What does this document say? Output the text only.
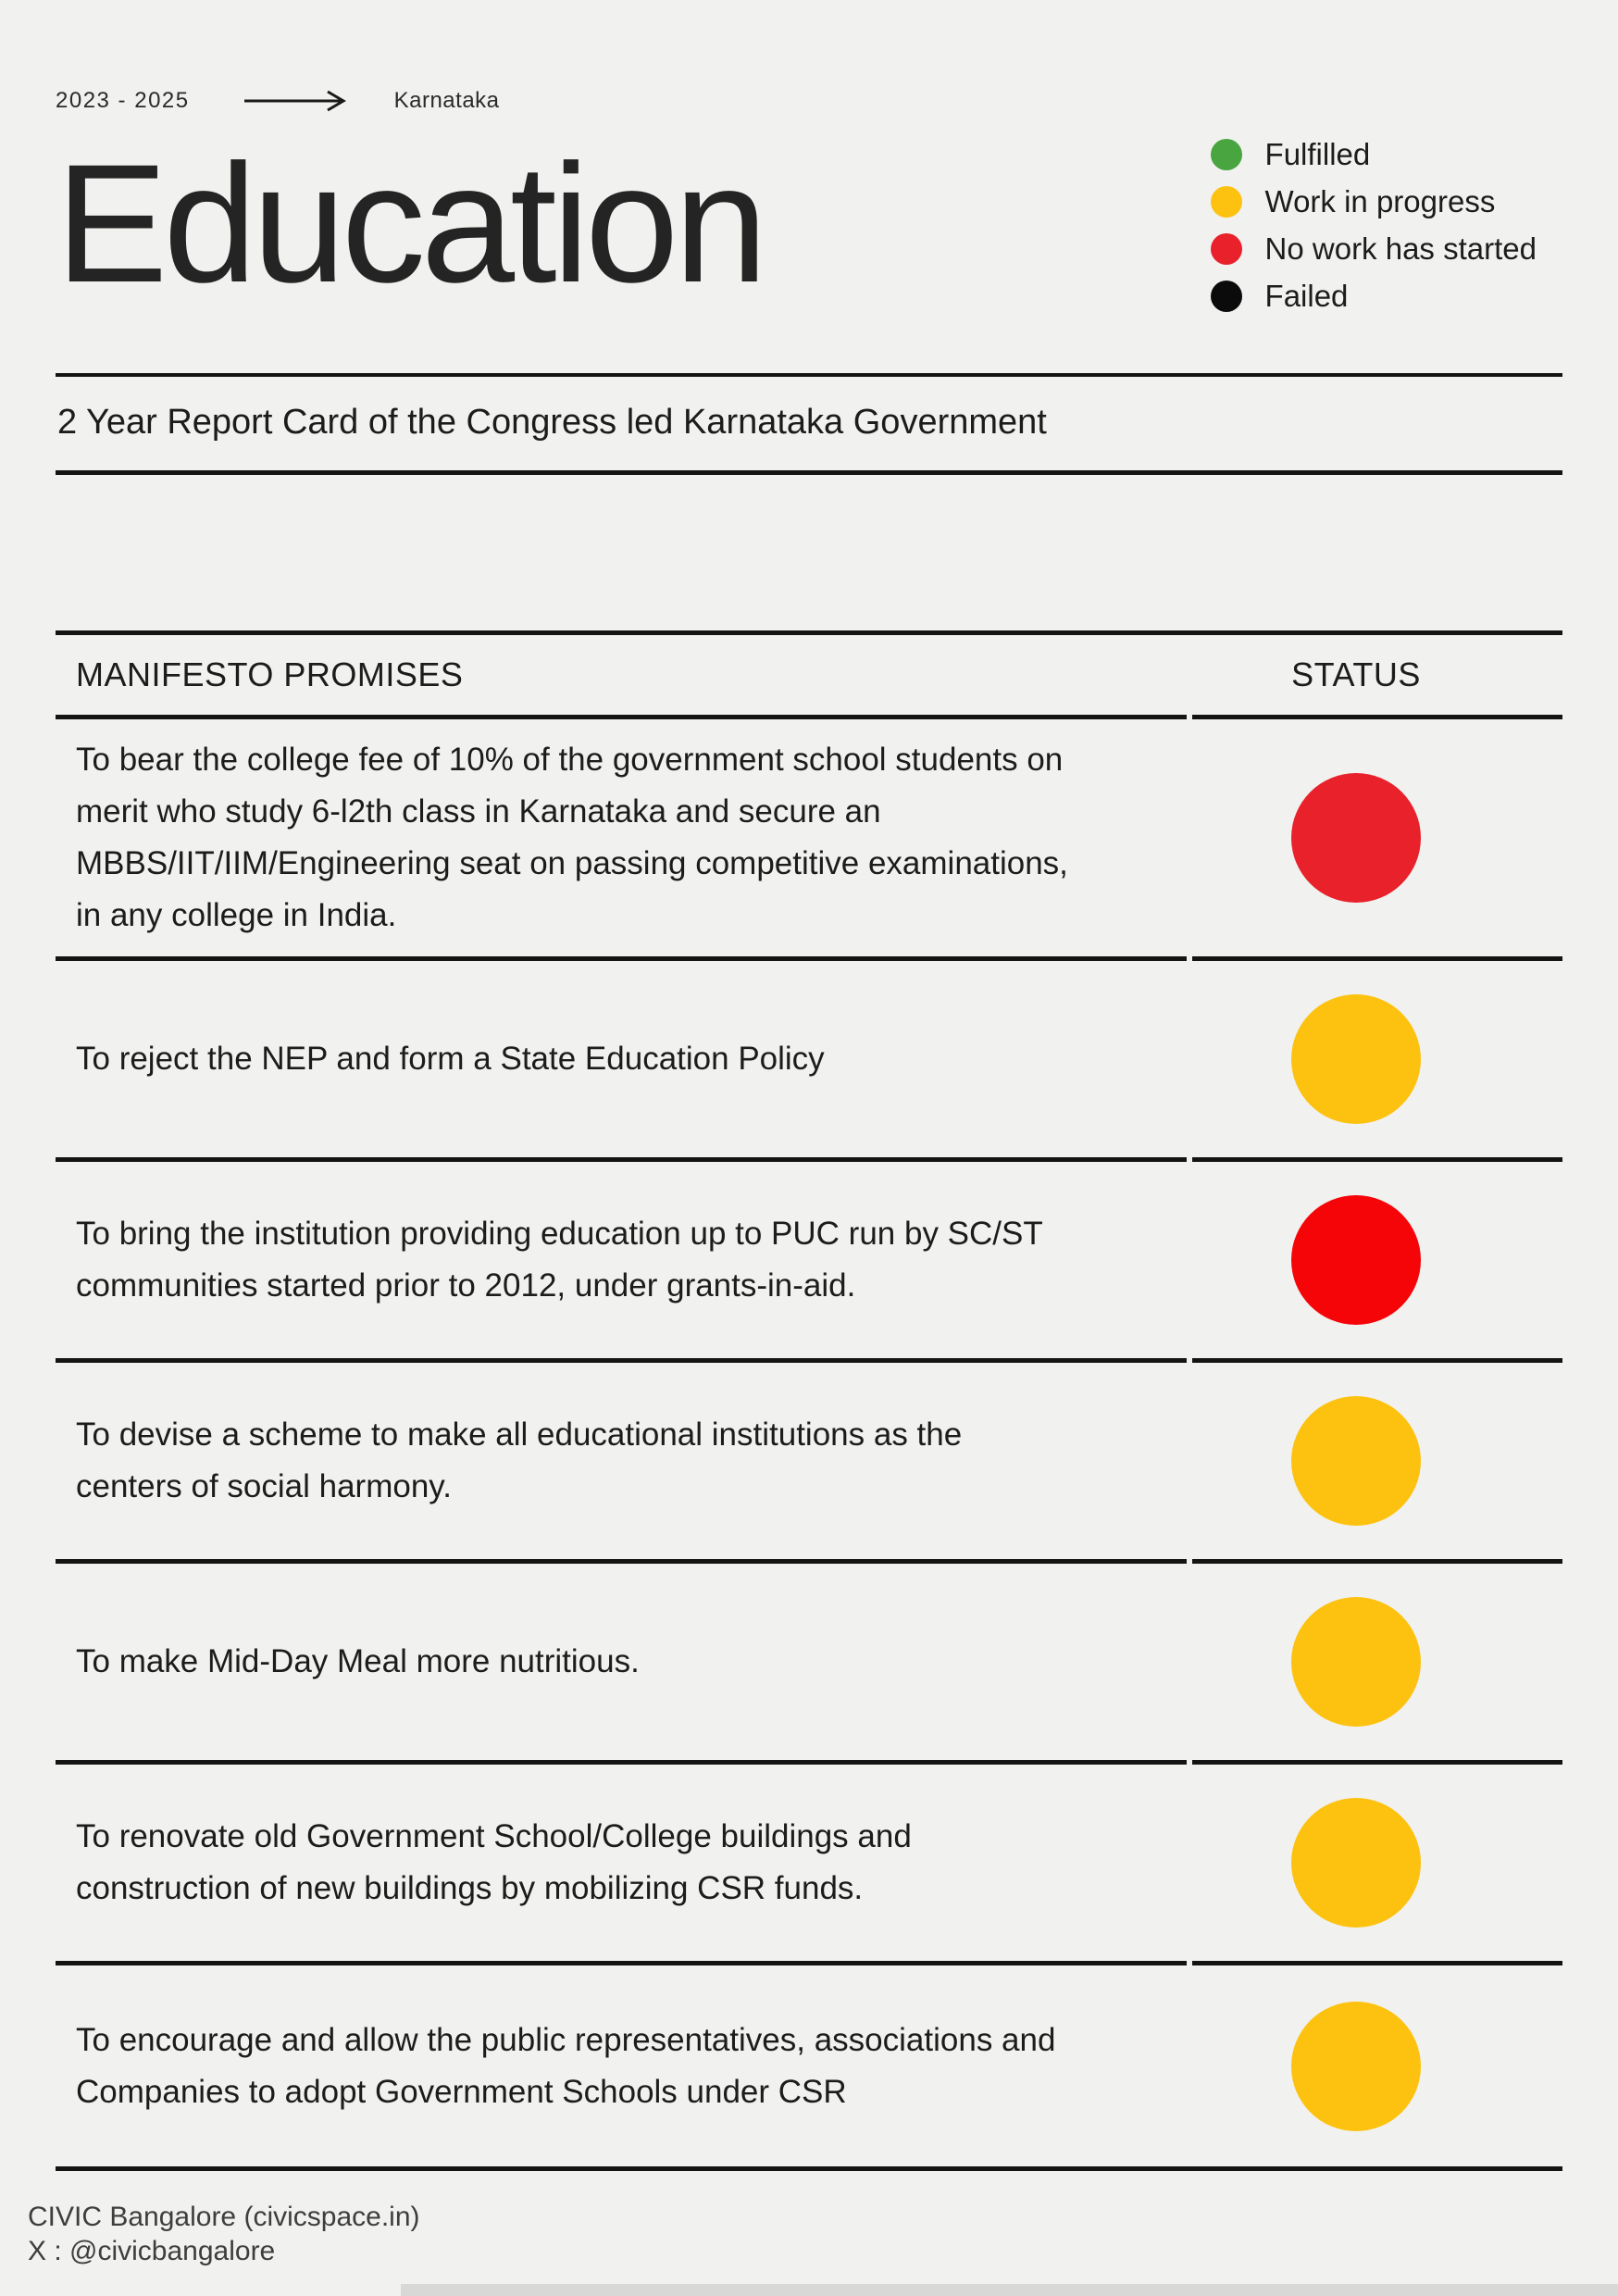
2023 - 2025	Karnataka
Education	Fulfilled
Work in progress
No work has started
Failed
2 Year Report Card of the Congress led Karnataka Government
MANIFESTO PROMISES	STATUS

To bear the college fee of 10% of the government school students on merit who study 6-l2th class in Karnataka and secure an MBBS/IIT/IIM/Engineering seat on passing competitive examinations, in any college in India.

To reject the NEP and form a State Education Policy

To bring the institution providing education up to PUC run by SC/ST communities started prior to 2012, under grants-in-aid.

To devise a scheme to make all educational institutions as the centers of social harmony.

To make Mid-Day Meal more nutritious.

To renovate old Government School/College buildings and construction of new buildings by mobilizing CSR funds.

To encourage and allow the public representatives, associations and Companies to adopt Government Schools under CSR

CIVIC Bangalore (civicspace.in)
X : @civicbangalore
